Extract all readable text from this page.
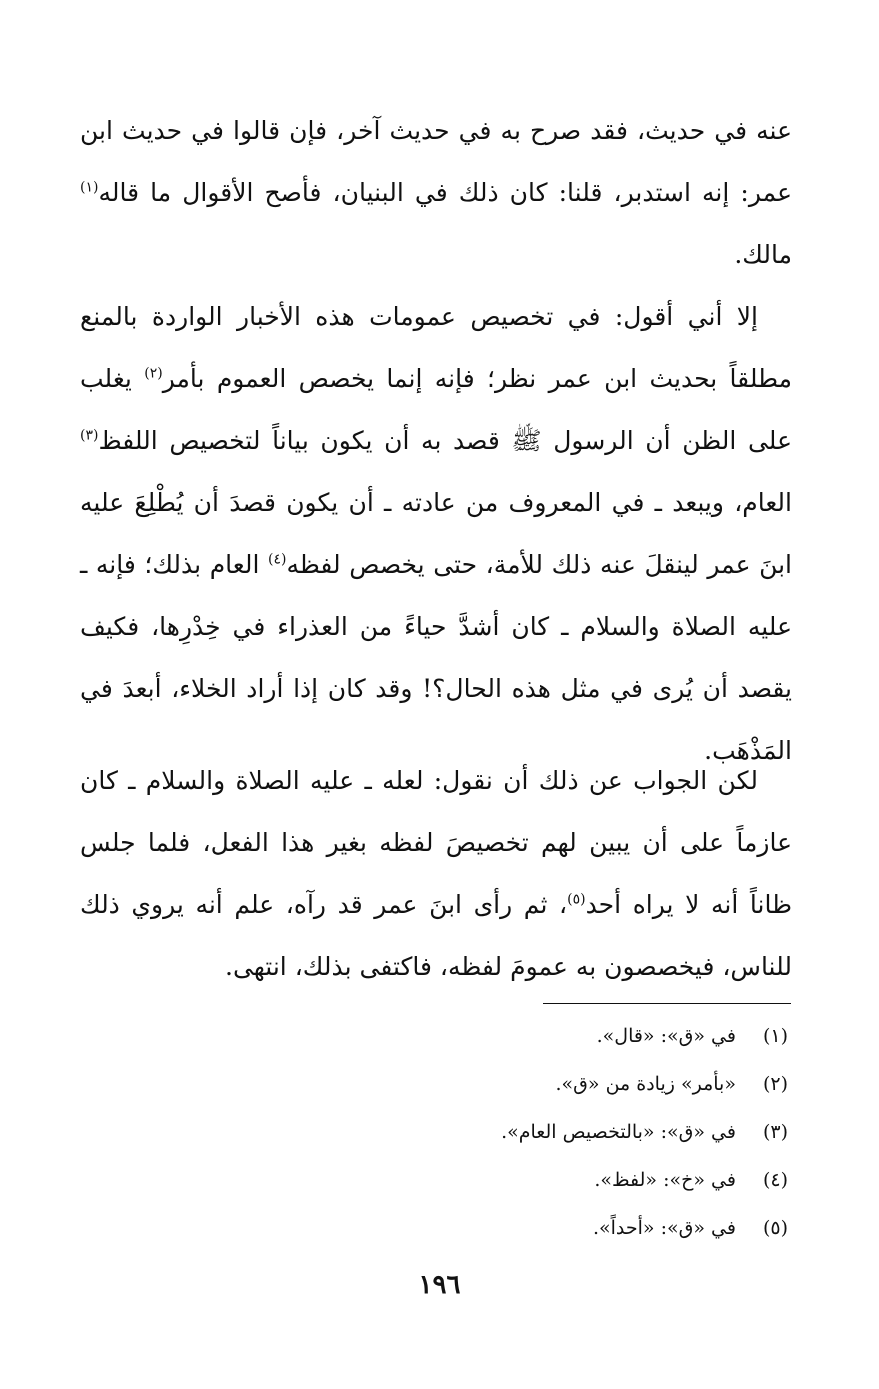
عنه في حديث، فقد صرح به في حديث آخر، فإن قالوا في حديث ابن عمر: إنه استدبر، قلنا: كان ذلك في البنيان، فأصح الأقوال ما قاله$^{(١)}$ مالك.

إلا أني أقول: في تخصيص عمومات هذه الأخبار الواردة بالمنع مطلقاً بحديث ابن عمر نظر؛ فإنه إنما يخصص العموم بأمر$^{(٢)}$ يغلب على الظن أن الرسول ﷺ قصد به أن يكون بياناً لتخصيص اللفظ$^{(٣)}$ العام، ويبعد ـ في المعروف من عادته ـ أن يكون قصدَ أن يُطْلِعَ عليه ابنَ عمر لينقلَ عنه ذلك للأمة، حتى يخصص لفظه$^{(٤)}$ العام بذلك؛ فإنه ـ عليه الصلاة والسلام ـ كان أشدَّ حياءً من العذراء في خِدْرِها، فكيف يقصد أن يُرى في مثل هذه الحال؟! وقد كان إذا أراد الخلاء، أبعدَ في المَذْهَب.

لكن الجواب عن ذلك أن نقول: لعله ـ عليه الصلاة والسلام ـ كان عازماً على أن يبين لهم تخصيصَ لفظه بغير هذا الفعل، فلما جلس ظاناً أنه لا يراه أحد$^{(٥)}$، ثم رأى ابنَ عمر قد رآه، علم أنه يروي ذلك للناس، فيخصصون به عمومَ لفظه، فاكتفى بذلك، انتهى.

(١) في «ق»: «قال».
(٢) «بأمر» زيادة من «ق».
(٣) في «ق»: «بالتخصيص العام».
(٤) في «خ»: «لفظ».
(٥) في «ق»: «أحداً».
١٩٦
